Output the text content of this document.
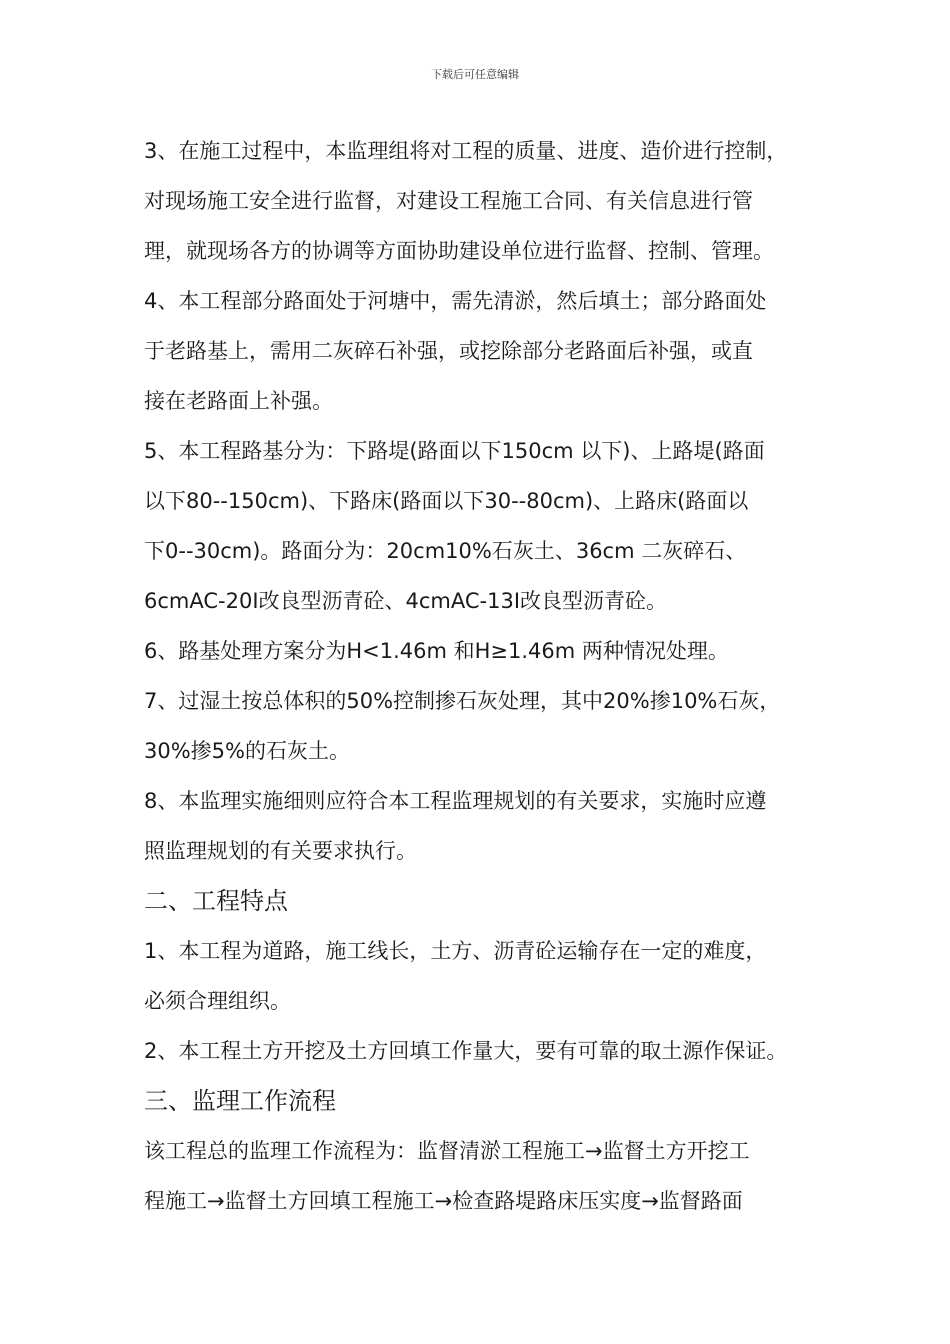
下载后可任意编辑
3、在施工过程中，本监理组将对工程的质量、进度、造价进行控制，
对现场施工安全进行监督，对建设工程施工合同、有关信息进行管
理，就现场各方的协调等方面协助建设单位进行监督、控制、管理。
4、本工程部分路面处于河塘中，需先清淤，然后填土；部分路面处
于老路基上，需用二灰碎石补强，或挖除部分老路面后补强，或直
接在老路面上补强。
5、本工程路基分为：下路堤(路面以下150cm 以下)、上路堤(路面
以下80--150cm)、下路床(路面以下30--80cm)、上路床(路面以
下0--30cm)。路面分为：20cm10%石灰土、36cm 二灰碎石、
6cmAC-20I改良型沥青砼、4cmAC-13I改良型沥青砼。
6、路基处理方案分为H<1.46m 和H≥1.46m 两种情况处理。
7、过湿土按总体积的50%控制掺石灰处理，其中20%掺10%石灰，
30%掺5%的石灰土。
8、本监理实施细则应符合本工程监理规划的有关要求，实施时应遵
照监理规划的有关要求执行。
二、工程特点
1、本工程为道路，施工线长，土方、沥青砼运输存在一定的难度，
必须合理组织。
2、本工程土方开挖及土方回填工作量大，要有可靠的取土源作保证。
三、监理工作流程
该工程总的监理工作流程为：监督清淤工程施工→监督土方开挖工
程施工→监督土方回填工程施工→检查路堤路床压实度→监督路面
